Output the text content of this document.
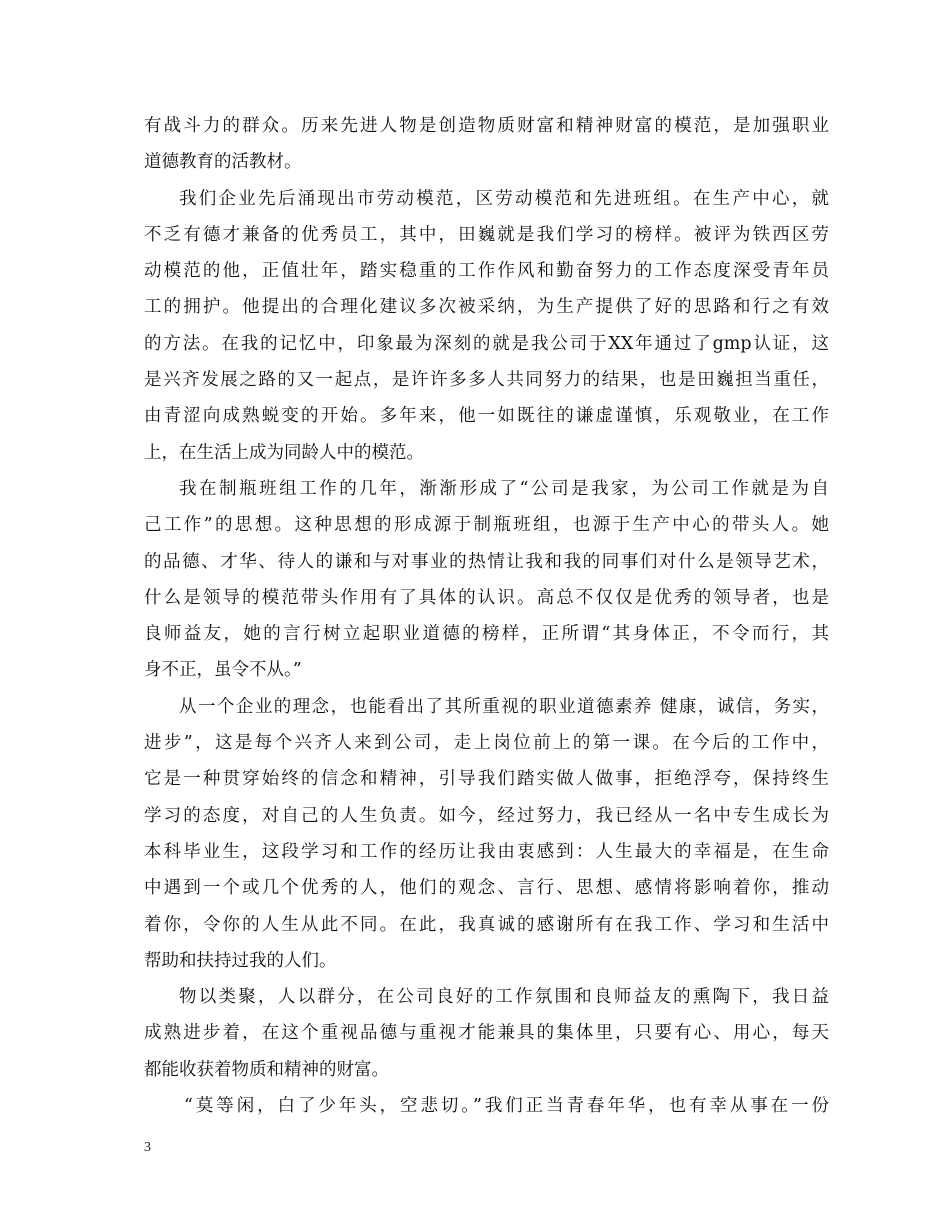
有战斗力的群众。历来先进人物是创造物质财富和精神财富的模范，是加强职业
道德教育的活教材。
我们企业先后涌现出市劳动模范，区劳动模范和先进班组。在生产中心，就
不乏有德才兼备的优秀员工，其中，田巍就是我们学习的榜样。被评为铁西区劳
动模范的他，正值壮年，踏实稳重的工作作风和勤奋努力的工作态度深受青年员
工的拥护。他提出的合理化建议多次被采纳，为生产提供了好的思路和行之有效
的方法。在我的记忆中，印象最为深刻的就是我公司于XX年通过了gmp认证，这
是兴齐发展之路的又一起点，是许许多多人共同努力的结果，也是田巍担当重任，
由青涩向成熟蜕变的开始。多年来，他一如既往的谦虚谨慎，乐观敬业，在工作
上，在生活上成为同龄人中的模范。
我在制瓶班组工作的几年，渐渐形成了“公司是我家，为公司工作就是为自
己工作”的思想。这种思想的形成源于制瓶班组，也源于生产中心的带头人。她
的品德、才华、待人的谦和与对事业的热情让我和我的同事们对什么是领导艺术，
什么是领导的模范带头作用有了具体的认识。高总不仅仅是优秀的领导者，也是
良师益友，她的言行树立起职业道德的榜样，正所谓“其身体正，不令而行，其
身不正，虽令不从。”
从一个企业的理念，也能看出了其所重视的职业道德素养 健康，诚信，务实，
进步”，这是每个兴齐人来到公司，走上岗位前上的第一课。在今后的工作中，
它是一种贯穿始终的信念和精神，引导我们踏实做人做事，拒绝浮夸，保持终生
学习的态度，对自己的人生负责。如今，经过努力，我已经从一名中专生成长为
本科毕业生，这段学习和工作的经历让我由衷感到：人生最大的幸福是，在生命
中遇到一个或几个优秀的人，他们的观念、言行、思想、感情将影响着你，推动
着你，令你的人生从此不同。在此，我真诚的感谢所有在我工作、学习和生活中
帮助和扶持过我的人们。
物以类聚，人以群分，在公司良好的工作氛围和良师益友的熏陶下，我日益
成熟进步着，在这个重视品德与重视才能兼具的集体里，只要有心、用心，每天
都能收获着物质和精神的财富。
“莫等闲，白了少年头，空悲切。”我们正当青春年华，也有幸从事在一份
3
